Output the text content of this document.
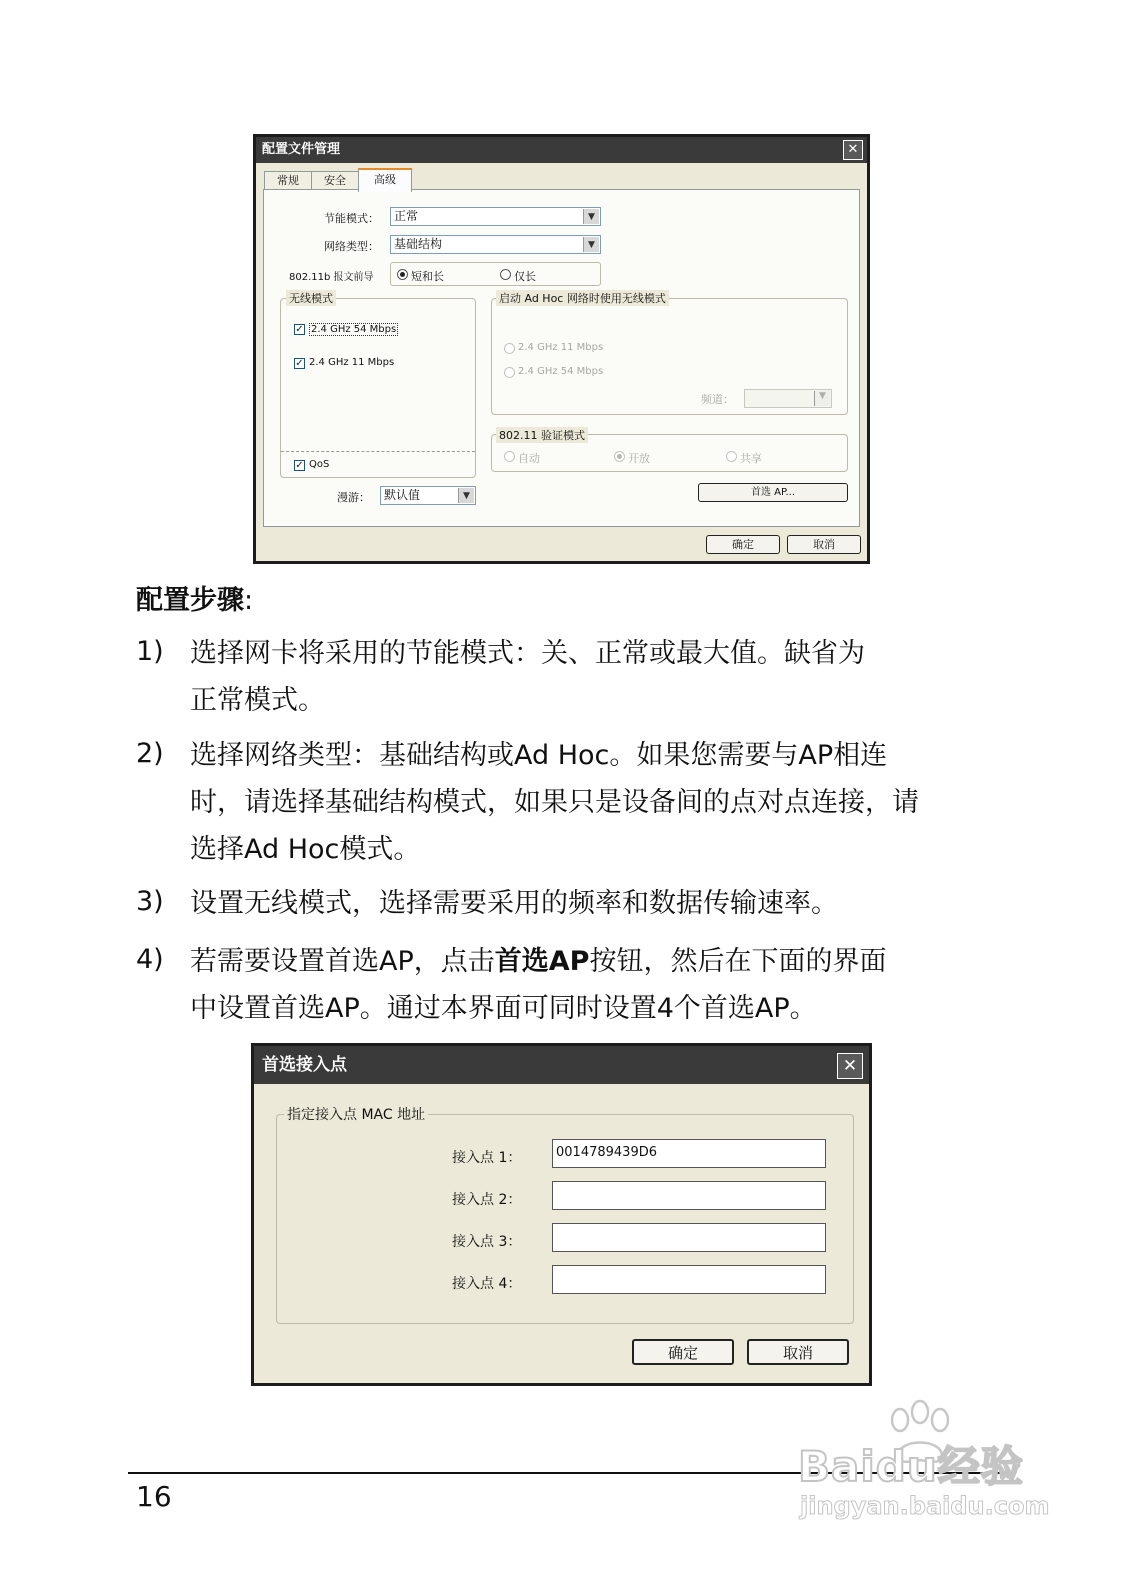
配置文件管理	✕
常规	安全	高级
节能模式：	正常	▼
网络类型：	基础结构	▼
802.11b 报文前导	短和长	仅长
无线模式
✓ 2.4 GHz 54 Mbps
✓ 2.4 GHz 11 Mbps
✓ QoS
启动 Ad Hoc 网络时使用无线模式
2.4 GHz 11 Mbps
2.4 GHz 54 Mbps
频道：	▼
802.11 验证模式
自动	开放	共享
漫游：	默认值	▼	首选 AP...
确定	取消
配置步骤:
1) 选择网卡将采用的节能模式：关、正常或最大值。缺省为
正常模式。
2) 选择网络类型：基础结构或Ad Hoc。如果您需要与AP相连
时，请选择基础结构模式，如果只是设备间的点对点连接，请
选择Ad Hoc模式。
3) 设置无线模式，选择需要采用的频率和数据传输速率。
4) 若需要设置首选AP，点击首选AP按钮，然后在下面的界面
中设置首选AP。通过本界面可同时设置4个首选AP。
首选接入点	✕
指定接入点 MAC 地址
接入点 1：	0014789439D6
接入点 2：
接入点 3：
接入点 4：
确定	取消
16
Baidu经验
jingyan.baidu.com
